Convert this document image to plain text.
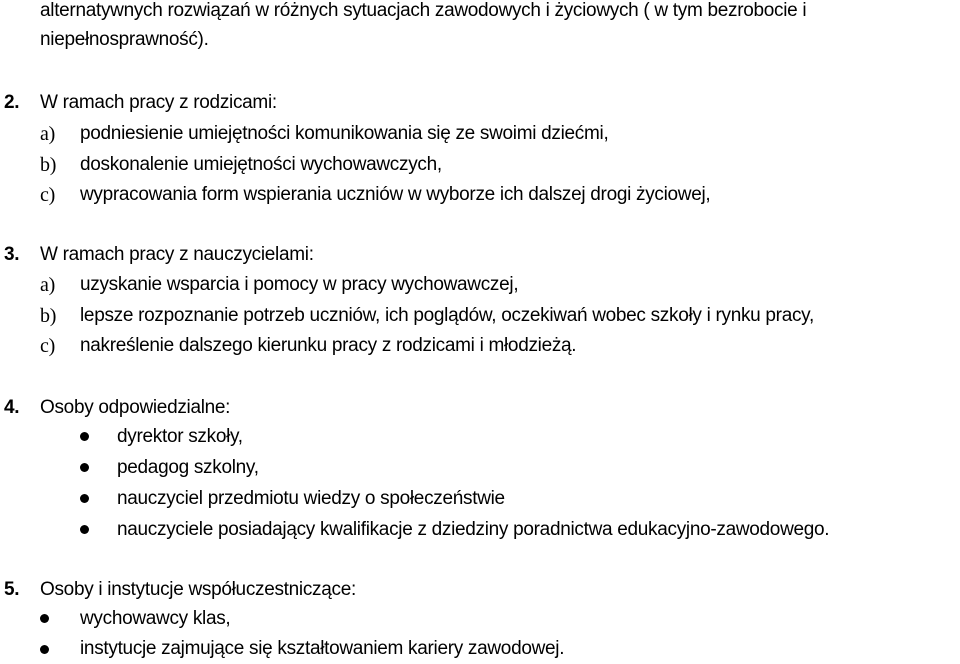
alternatywnych rozwiązań w różnych sytuacjach zawodowych i życiowych ( w tym bezrobocie i
niepełnosprawność).
2. W ramach pracy z rodzicami:
a) podniesienie umiejętności komunikowania się ze swoimi dziećmi,
b) doskonalenie umiejętności wychowawczych,
c) wypracowania form wspierania uczniów w wyborze ich dalszej drogi życiowej,
3. W ramach pracy z nauczycielami:
a) uzyskanie wsparcia i pomocy w pracy wychowawczej,
b) lepsze rozpoznanie potrzeb uczniów, ich poglądów, oczekiwań wobec szkoły i rynku pracy,
c) nakreślenie dalszego kierunku pracy z rodzicami i młodzieżą.
4. Osoby odpowiedzialne:
dyrektor szkoły,
pedagog szkolny,
nauczyciel przedmiotu wiedzy o społeczeństwie
nauczyciele posiadający kwalifikacje z dziedziny poradnictwa edukacyjno-zawodowego.
5. Osoby i instytucje współuczestniczące:
wychowawcy klas,
instytucje zajmujące się kształtowaniem kariery zawodowej.
